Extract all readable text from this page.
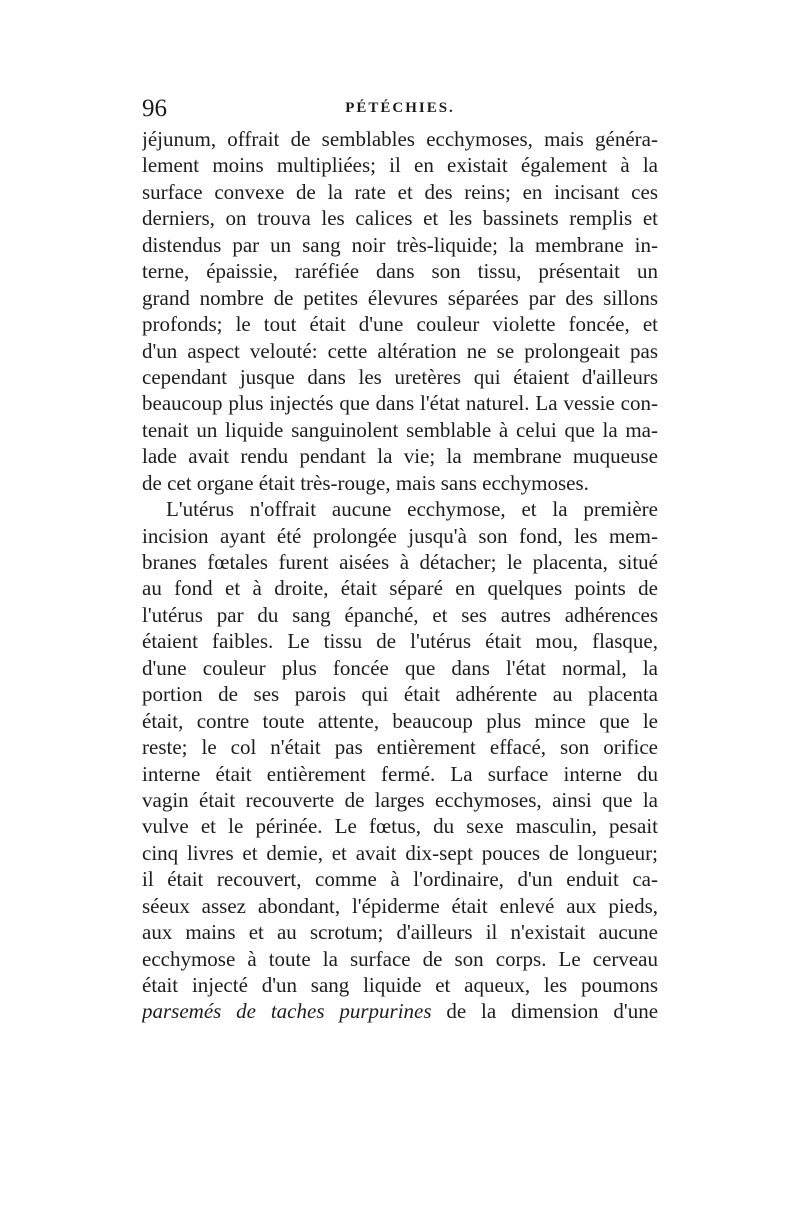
96	PÉTÉCHIES.
jéjunum, offrait de semblables ecchymoses, mais généra-
lement moins multipliées; il en existait également à la
surface convexe de la rate et des reins; en incisant ces
derniers, on trouva les calices et les bassinets remplis et
distendus par un sang noir très-liquide; la membrane in-
terne, épaissie, raréfiée dans son tissu, présentait un
grand nombre de petites élevures séparées par des sillons
profonds; le tout était d'une couleur violette foncée, et
d'un aspect velouté: cette altération ne se prolongeait pas
cependant jusque dans les uretères qui étaient d'ailleurs
beaucoup plus injectés que dans l'état naturel. La vessie con-
tenait un liquide sanguinolent semblable à celui que la ma-
lade avait rendu pendant la vie; la membrane muqueuse
de cet organe était très-rouge, mais sans ecchymoses.
L'utérus n'offrait aucune ecchymose, et la première
incision ayant été prolongée jusqu'à son fond, les mem-
branes fœtales furent aisées à détacher; le placenta, situé
au fond et à droite, était séparé en quelques points de
l'utérus par du sang épanché, et ses autres adhérences
étaient faibles. Le tissu de l'utérus était mou, flasque,
d'une couleur plus foncée que dans l'état normal, la
portion de ses parois qui était adhérente au placenta
était, contre toute attente, beaucoup plus mince que le
reste; le col n'était pas entièrement effacé, son orifice
interne était entièrement fermé. La surface interne du
vagin était recouverte de larges ecchymoses, ainsi que la
vulve et le périnée. Le fœtus, du sexe masculin, pesait
cinq livres et demie, et avait dix-sept pouces de longueur;
il était recouvert, comme à l'ordinaire, d'un enduit ca-
séeux assez abondant, l'épiderme était enlevé aux pieds,
aux mains et au scrotum; d'ailleurs il n'existait aucune
ecchymose à toute la surface de son corps. Le cerveau
était injecté d'un sang liquide et aqueux, les poumons
parsemés de taches purpurines de la dimension d'une
